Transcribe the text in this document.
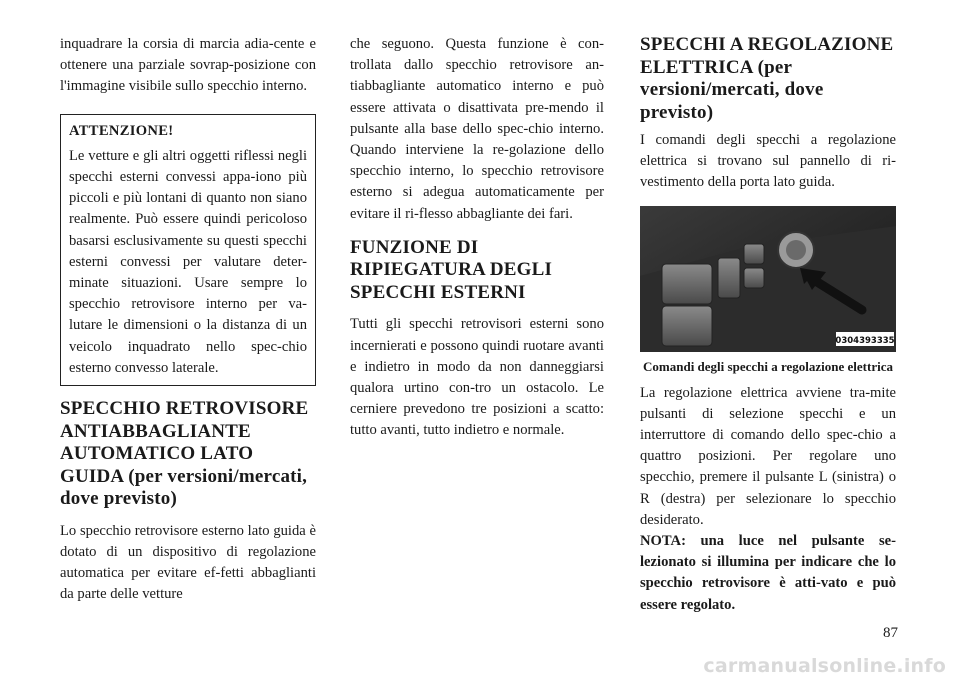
inquadrare la corsia di marcia adia-cente e ottenere una parziale sovrap-posizione con l'immagine visibile sullo specchio interno.

ATTENZIONE!

Le vetture e gli altri oggetti riflessi negli specchi esterni convessi appa-iono più piccoli e più lontani di quanto non siano realmente. Può essere quindi pericoloso basarsi esclusivamente su questi specchi esterni convessi per valutare deter-minate situazioni. Usare sempre lo specchio retrovisore interno per va-lutare le dimensioni o la distanza di un veicolo inquadrato nello spec-chio esterno convesso laterale.

SPECCHIO RETROVISORE ANTIABBAGLIANTE AUTOMATICO LATO GUIDA (per versioni/mercati, dove previsto)

Lo specchio retrovisore esterno lato guida è dotato di un dispositivo di regolazione automatica per evitare ef-fetti abbaglianti da parte delle vetture

che seguono. Questa funzione è con-trollata dallo specchio retrovisore an-tiabbagliante automatico interno e può essere attivata o disattivata pre-mendo il pulsante alla base dello spec-chio interno. Quando interviene la re-golazione dello specchio interno, lo specchio retrovisore esterno si adegua automaticamente per evitare il ri-flesso abbagliante dei fari.

FUNZIONE DI RIPIEGATURA DEGLI SPECCHI ESTERNI

Tutti gli specchi retrovisori esterni sono incernierati e possono quindi ruotare avanti e indietro in modo da non danneggiarsi qualora urtino con-tro un ostacolo. Le cerniere prevedono tre posizioni a scatto: tutto avanti, tutto indietro e normale.

SPECCHI A REGOLAZIONE ELETTRICA (per versioni/mercati, dove previsto)

I comandi degli specchi a regolazione elettrica si trovano sul pannello di ri-vestimento della porta lato guida.

0304393335
Comandi degli specchi a regolazione elettrica

La regolazione elettrica avviene tra-mite pulsanti di selezione specchi e un interruttore di comando dello spec-chio a quattro posizioni. Per regolare uno specchio, premere il pulsante L (sinistra) o R (destra) per selezionare lo specchio desiderato.

NOTA: una luce nel pulsante se-lezionato si illumina per indicare che lo specchio retrovisore è atti-vato e può essere regolato.

87
carmanualsonline.info
